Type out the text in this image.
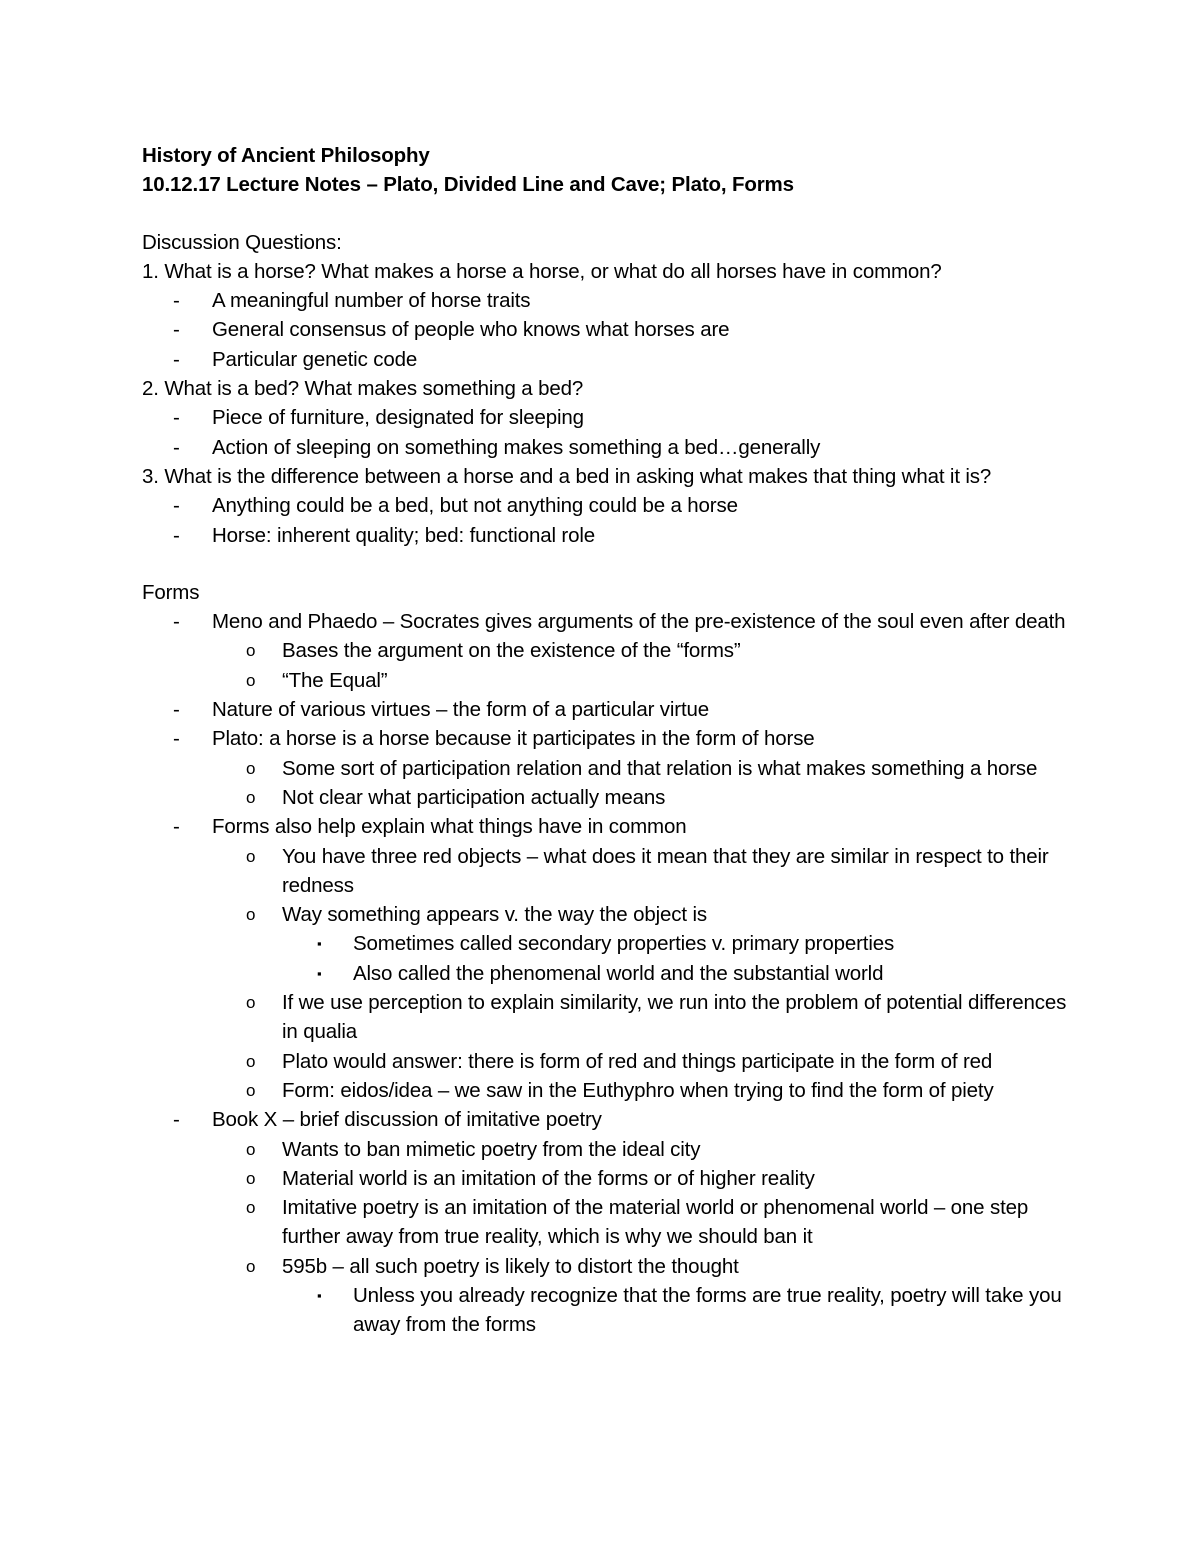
History of Ancient Philosophy
10.12.17 Lecture Notes – Plato, Divided Line and Cave; Plato, Forms
Discussion Questions:
1. What is a horse? What makes a horse a horse, or what do all horses have in common?
- A meaningful number of horse traits
- General consensus of people who knows what horses are
- Particular genetic code
2. What is a bed? What makes something a bed?
- Piece of furniture, designated for sleeping
- Action of sleeping on something makes something a bed…generally
3. What is the difference between a horse and a bed in asking what makes that thing what it is?
- Anything could be a bed, but not anything could be a horse
- Horse: inherent quality; bed: functional role
Forms
- Meno and Phaedo – Socrates gives arguments of the pre-existence of the soul even after death
o Bases the argument on the existence of the “forms”
o “The Equal”
- Nature of various virtues – the form of a particular virtue
- Plato: a horse is a horse because it participates in the form of horse
o Some sort of participation relation and that relation is what makes something a horse
o Not clear what participation actually means
- Forms also help explain what things have in common
o You have three red objects – what does it mean that they are similar in respect to their redness
o Way something appears v. the way the object is
▪ Sometimes called secondary properties v. primary properties
▪ Also called the phenomenal world and the substantial world
o If we use perception to explain similarity, we run into the problem of potential differences in qualia
o Plato would answer: there is form of red and things participate in the form of red
o Form: eidos/idea – we saw in the Euthyphro when trying to find the form of piety
- Book X – brief discussion of imitative poetry
o Wants to ban mimetic poetry from the ideal city
o Material world is an imitation of the forms or of higher reality
o Imitative poetry is an imitation of the material world or phenomenal world – one step further away from true reality, which is why we should ban it
o 595b – all such poetry is likely to distort the thought
▪ Unless you already recognize that the forms are true reality, poetry will take you away from the forms
